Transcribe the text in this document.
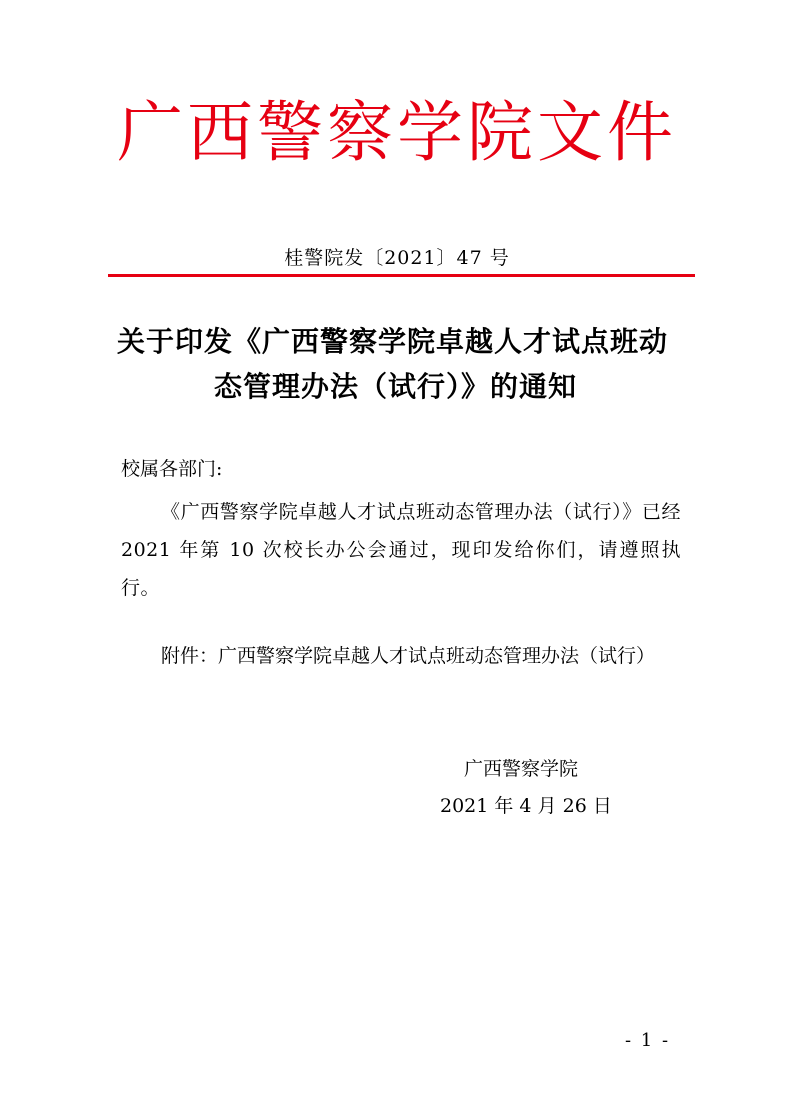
广西警察学院文件
桂警院发〔2021〕47 号
关于印发《广西警察学院卓越人才试点班动
态管理办法（试行）》的通知
校属各部门:
《广西警察学院卓越人才试点班动态管理办法（试行）》已经 2021 年第 10 次校长办公会通过，现印发给你们，请遵照执行。
附件：广西警察学院卓越人才试点班动态管理办法（试行）
广西警察学院
2021 年 4 月 26 日
- 1 -
